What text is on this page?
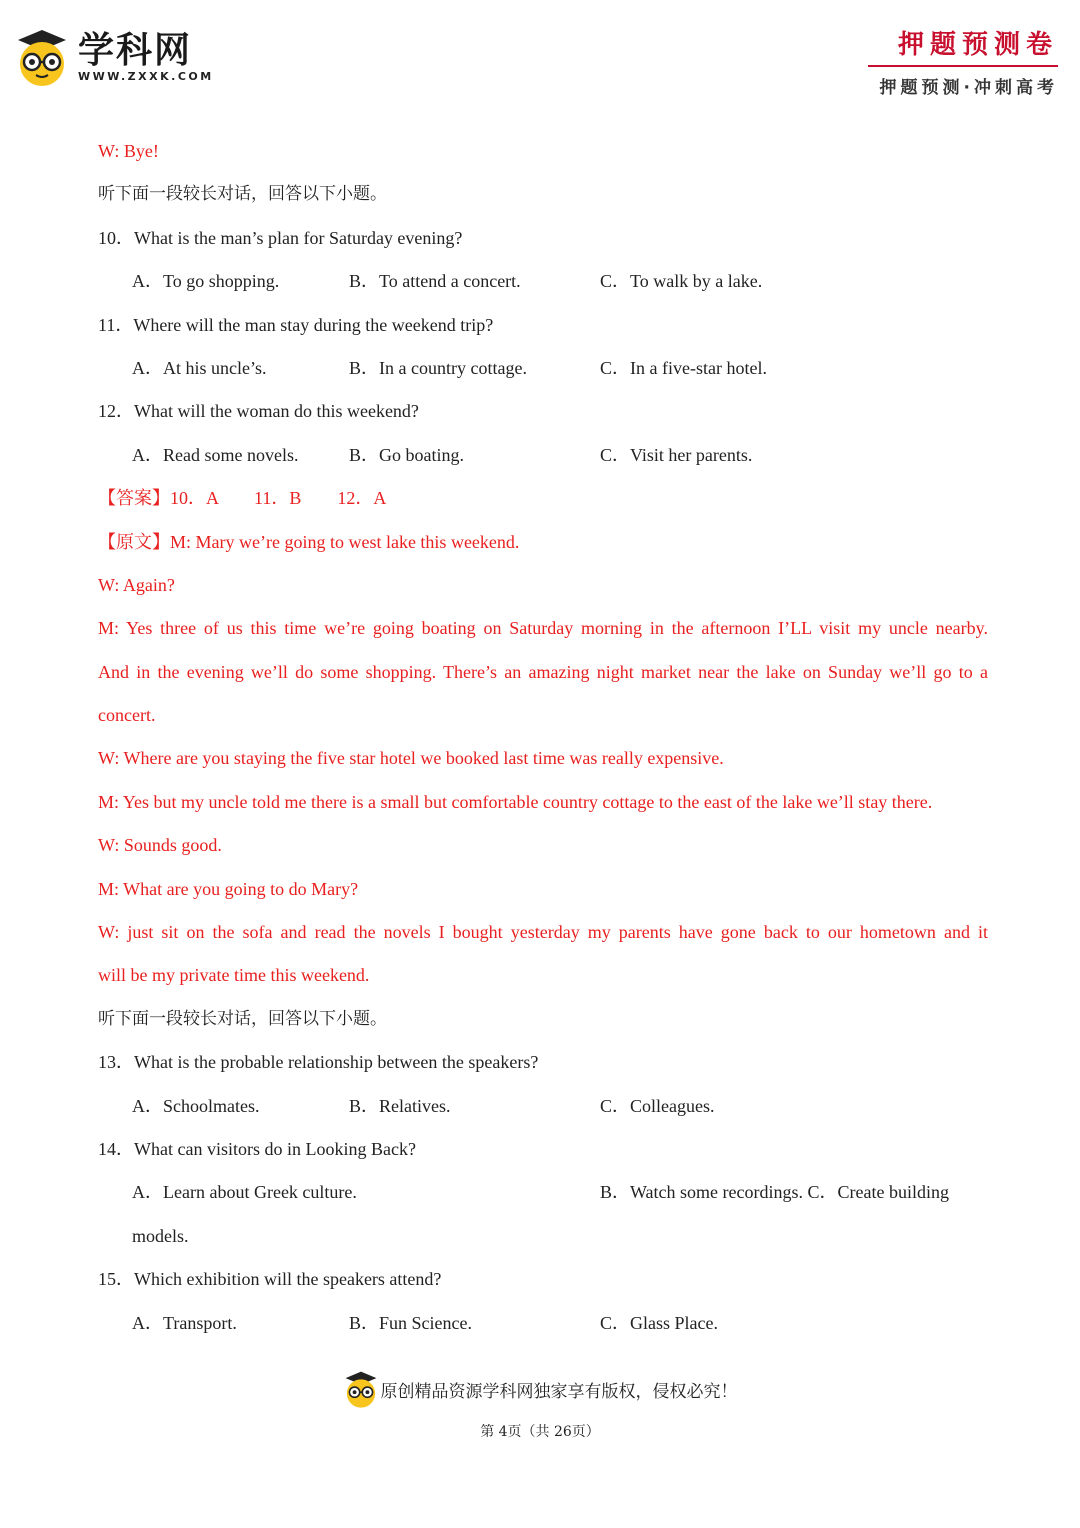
学科网
WWW.ZXXK.COM
押题预测卷
押题预测·冲刺高考
W: Bye!
听下面一段较长对话，回答以下小题。
10．What is the man’s plan for Saturday evening?
A．To go shopping.	B．To attend a concert.	C．To walk by a lake.
11．Where will the man stay during the weekend trip?
A．At his uncle’s.	B．In a country cottage.	C．In a five-star hotel.
12．What will the woman do this weekend?
A．Read some novels.	B．Go boating.	C．Visit her parents.
【答案】10．A　　11．B　　12．A
【原文】M: Mary we’re going to west lake this weekend.
W: Again?
M: Yes three of us this time we’re going boating on Saturday morning in the afternoon I’LL visit my uncle nearby.
And in the evening we’ll do some shopping. There’s an amazing night market near the lake on Sunday we’ll go to a
concert.
W: Where are you staying the five star hotel we booked last time was really expensive.
M: Yes but my uncle told me there is a small but comfortable country cottage to the east of the lake we’ll stay there.
W: Sounds good.
M: What are you going to do Mary?
W: just sit on the sofa and read the novels I bought yesterday my parents have gone back to our hometown and it
will be my private time this weekend.
听下面一段较长对话，回答以下小题。
13．What is the probable relationship between the speakers?
A．Schoolmates.	B．Relatives.	C．Colleagues.
14．What can visitors do in Looking Back?
A．Learn about Greek culture.	B．Watch some recordings. C．Create building
models.
15．Which exhibition will the speakers attend?
A．Transport.	B．Fun Science.	C．Glass Place.
原创精品资源学科网独家享有版权，侵权必究！
第 4页（共 26页）
